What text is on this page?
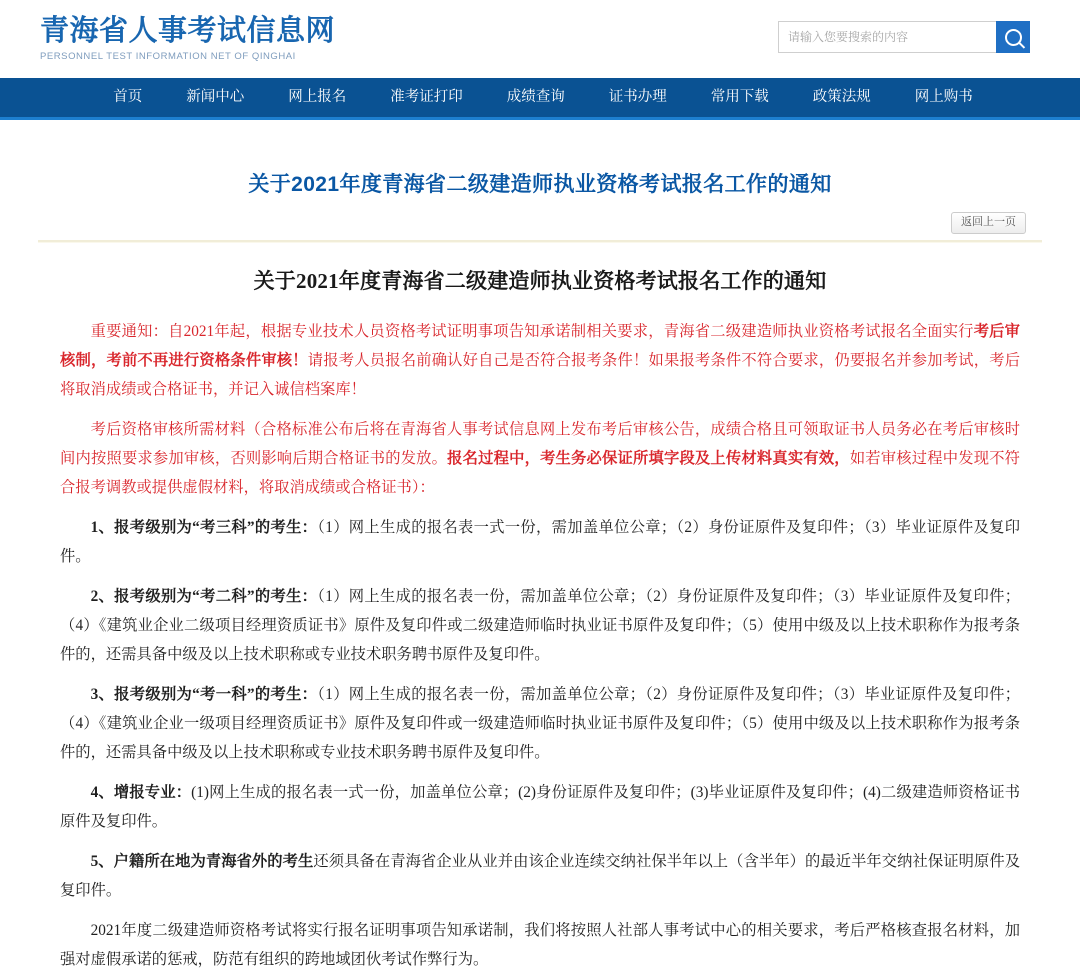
青海省人事考试信息网
PERSONNEL TEST INFORMATION NET OF QINGHAI
请输入您要搜索的内容
首页	新闻中心	网上报名	准考证打印	成绩查询	证书办理	常用下载	政策法规	网上购书
关于2021年度青海省二级建造师执业资格考试报名工作的通知
返回上一页
关于2021年度青海省二级建造师执业资格考试报名工作的通知

重要通知：自2021年起，根据专业技术人员资格考试证明事项告知承诺制相关要求，青海省二级建造师执业资格考试报名全面实行考后审核制，考前不再进行资格条件审核！请报考人员报名前确认好自己是否符合报考条件！如果报考条件不符合要求，仍要报名并参加考试，考后将取消成绩或合格证书，并记入诚信档案库！

考后资格审核所需材料（合格标准公布后将在青海省人事考试信息网上发布考后审核公告，成绩合格且可领取证书人员务必在考后审核时间内按照要求参加审核，否则影响后期合格证书的发放。报名过程中，考生务必保证所填字段及上传材料真实有效，如若审核过程中发现不符合报考调教或提供虚假材料，将取消成绩或合格证书）：

1、报考级别为“考三科”的考生：（1）网上生成的报名表一式一份，需加盖单位公章；（2）身份证原件及复印件；（3）毕业证原件及复印件。

2、报考级别为“考二科”的考生：（1）网上生成的报名表一份，需加盖单位公章；（2）身份证原件及复印件；（3）毕业证原件及复印件；（4）《建筑业企业二级项目经理资质证书》原件及复印件或二级建造师临时执业证书原件及复印件；（5）使用中级及以上技术职称作为报考条件的，还需具备中级及以上技术职称或专业技术职务聘书原件及复印件。

3、报考级别为“考一科”的考生：（1）网上生成的报名表一份，需加盖单位公章；（2）身份证原件及复印件；（3）毕业证原件及复印件；（4）《建筑业企业一级项目经理资质证书》原件及复印件或一级建造师临时执业证书原件及复印件；（5）使用中级及以上技术职称作为报考条件的，还需具备中级及以上技术职称或专业技术职务聘书原件及复印件。

4、增报专业：(1)网上生成的报名表一式一份，加盖单位公章；(2)身份证原件及复印件；(3)毕业证原件及复印件；(4)二级建造师资格证书原件及复印件。

5、户籍所在地为青海省外的考生还须具备在青海省企业从业并由该企业连续交纳社保半年以上（含半年）的最近半年交纳社保证明原件及复印件。

2021年度二级建造师资格考试将实行报名证明事项告知承诺制，我们将按照人社部人事考试中心的相关要求，考后严格核查报名材料，加强对虚假承诺的惩戒，防范有组织的跨地域团伙考试作弊行为。
